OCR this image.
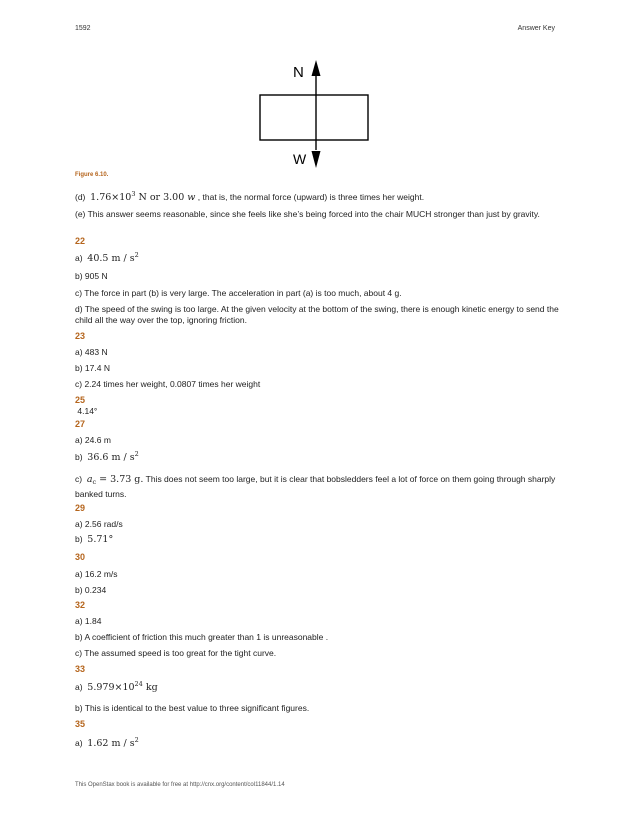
1592	Answer Key
N
W
Figure 6.10.
(d) $1.76\times 10^3$ N or 3.00 w , that is, the normal force (upward) is three times her weight.
(e) This answer seems reasonable, since she feels like she’s being forced into the chair MUCH stronger than just by gravity.
22
a) 40.5 m / $s^2$
b) 905 N
c) The force in part (b) is very large. The acceleration in part (a) is too much, about 4 g.
d) The speed of the swing is too large. At the given velocity at the bottom of the swing, there is enough kinetic energy to send the child all the way over the top, ignoring friction.
23
a) 483 N
b) 17.4 N
c) 2.24 times her weight, 0.0807 times her weight
25
4.14°
27
a) 24.6 m
b) 36.6 m / $s^2$
c) $a_c = 3.73$ g. This does not seem too large, but it is clear that bobsledders feel a lot of force on them going through sharply banked turns.
29
a) 2.56 rad/s
b) 5.71°
30
a) 16.2 m/s
b) 0.234
32
a) 1.84
b) A coefficient of friction this much greater than 1 is unreasonable .
c) The assumed speed is too great for the tight curve.
33
a) $5.979\times 10^{24}$ kg
b) This is identical to the best value to three significant figures.
35
a) 1.62 m / $s^2$
This OpenStax book is available for free at http://cnx.org/content/col11844/1.14
